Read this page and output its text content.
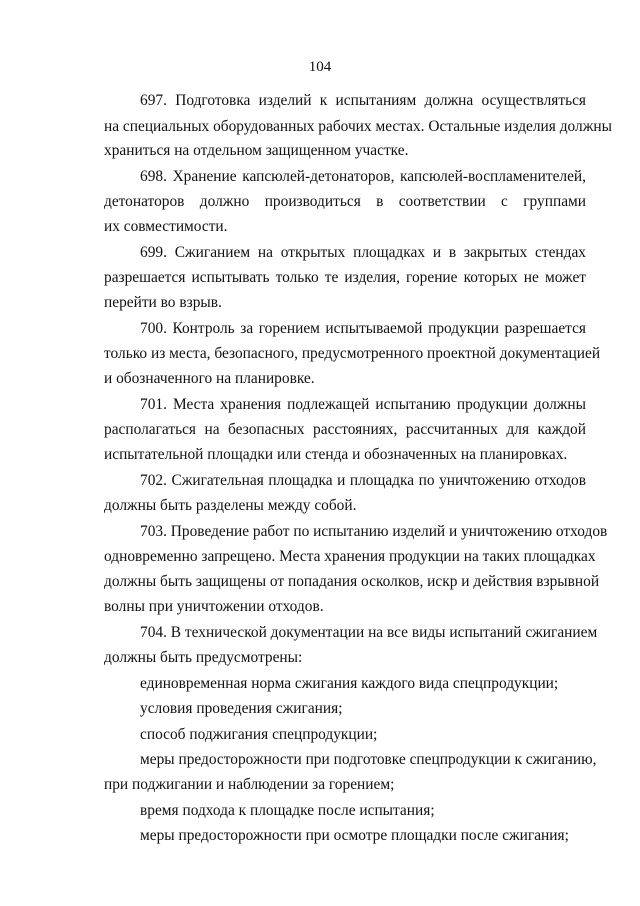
104
697. Подготовка изделий к испытаниям должна осуществляться
на специальных оборудованных рабочих местах. Остальные изделия должны
храниться на отдельном защищенном участке.
698. Хранение капсюлей-детонаторов, капсюлей-воспламенителей,
детонаторов должно производиться в соответствии с группами
их совместимости.
699. Сжиганием на открытых площадках и в закрытых стендах
разрешается испытывать только те изделия, горение которых не может
перейти во взрыв.
700. Контроль за горением испытываемой продукции разрешается
только из места, безопасного, предусмотренного проектной документацией
и обозначенного на планировке.
701. Места хранения подлежащей испытанию продукции должны
располагаться на безопасных расстояниях, рассчитанных для каждой
испытательной площадки или стенда и обозначенных на планировках.
702. Сжигательная площадка и площадка по уничтожению отходов
должны быть разделены между собой.
703. Проведение работ по испытанию изделий и уничтожению отходов
одновременно запрещено. Места хранения продукции на таких площадках
должны быть защищены от попадания осколков, искр и действия взрывной
волны при уничтожении отходов.
704. В технической документации на все виды испытаний сжиганием
должны быть предусмотрены:
единовременная норма сжигания каждого вида спецпродукции;
условия проведения сжигания;
способ поджигания спецпродукции;
меры предосторожности при подготовке спецпродукции к сжиганию,
при поджигании и наблюдении за горением;
время подхода к площадке после испытания;
меры предосторожности при осмотре площадки после сжигания;
